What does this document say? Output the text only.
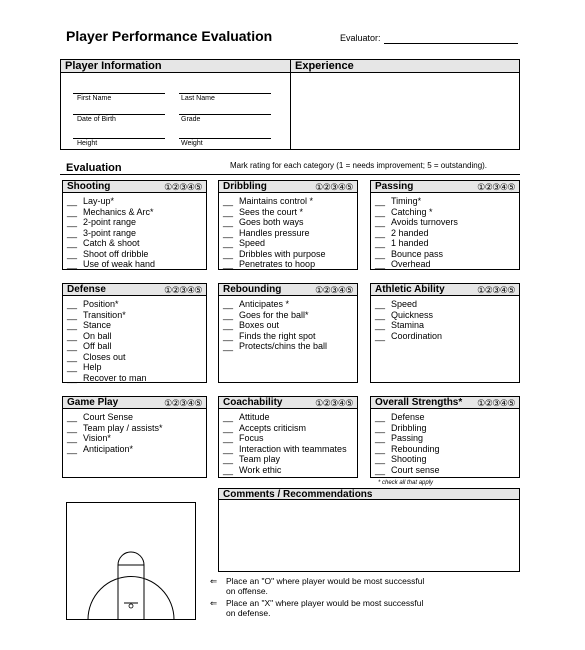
Player Performance Evaluation	Evaluator:
Player Information
First Name	Last Name
Date of Birth	Grade
Height	Weight
Experience
Evaluation	Mark rating for each category (1 = needs improvement; 5 = outstanding).
Shooting	①②③④⑤
__ Lay-up*
__ Mechanics & Arc*
__ 2-point range
__ 3-point range
__ Catch & shoot
__ Shoot off dribble
__ Use of weak hand
Dribbling	①②③④⑤
__ Maintains control *
__ Sees the court *
__ Goes both ways
__ Handles pressure
__ Speed
__ Dribbles with purpose
__ Penetrates to hoop
Passing	①②③④⑤
__ Timing*
__ Catching *
__ Avoids turnovers
__ 2 handed
__ 1 handed
__ Bounce pass
__ Overhead
Defense	①②③④⑤
__ Position*
__ Transition*
__ Stance
__ On ball
__ Off ball
__ Closes out
__ Help
__ Recover to man
Rebounding	①②③④⑤
__ Anticipates *
__ Goes for the ball*
__ Boxes out
__ Finds the right spot
__ Protects/chins the ball
Athletic Ability	①②③④⑤
__ Speed
__ Quickness
__ Stamina
__ Coordination
Game Play	①②③④⑤
__ Court Sense
__ Team play / assists*
__ Vision*
__ Anticipation*
Coachability	①②③④⑤
__ Attitude
__ Accepts criticism
__ Focus
__ Interaction with teammates
__ Team play
__ Work ethic
Overall Strengths* ①②③④⑤
__ Defense
__ Dribbling
__ Passing
__ Rebounding
__ Shooting
__ Court sense
* check all that apply
Comments / Recommendations
⇐	Place an "O" where player would be most successful
on offense.
⇐	Place an "X" where player would be most successful
on defense.
